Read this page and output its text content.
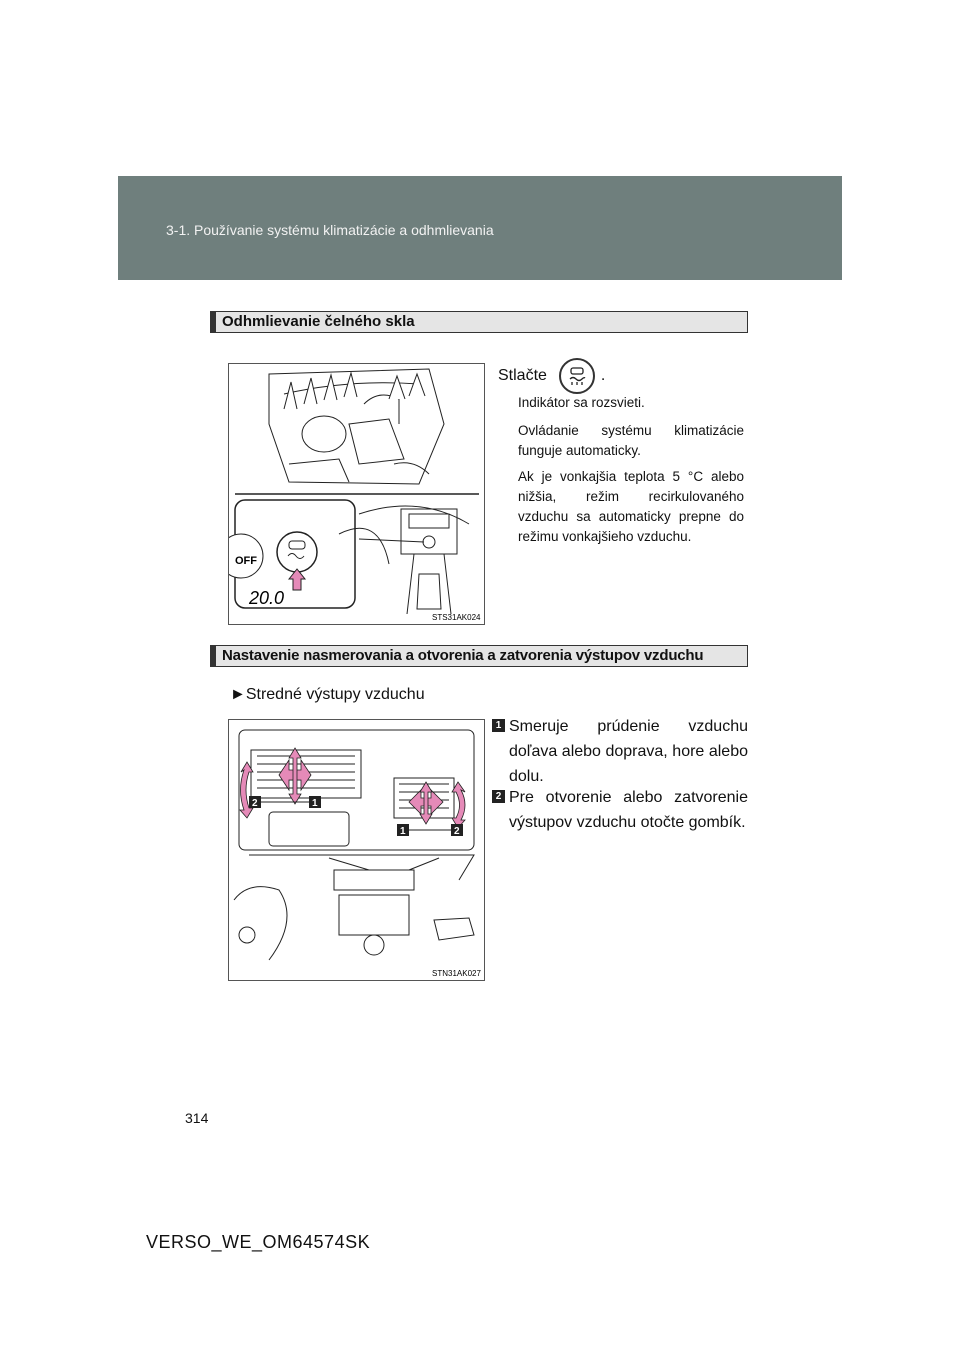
3-1. Používanie systému klimatizácie a odhmlievania
Odhmlievanie čelného skla
OFF
20.0
STS31AK024
Stlačte	.
Indikátor sa rozsvieti.
Ovládanie systému klimatizácie funguje automaticky.
Ak je vonkajšia teplota 5 °C alebo nižšia, režim recirkulovaného vzduchu sa automaticky prepne do režimu vonkajšieho vzduchu.
Nastavenie nasmerovania a otvorenia a zatvorenia výstupov vzduchu
►Stredné výstupy vzduchu
2	1
1	2
STN31AK027
1 Smeruje prúdenie vzduchu doľava alebo doprava, hore alebo dolu.
2 Pre otvorenie alebo zatvorenie výstupov vzduchu otočte gombík.
314
VERSO_WE_OM64574SK
